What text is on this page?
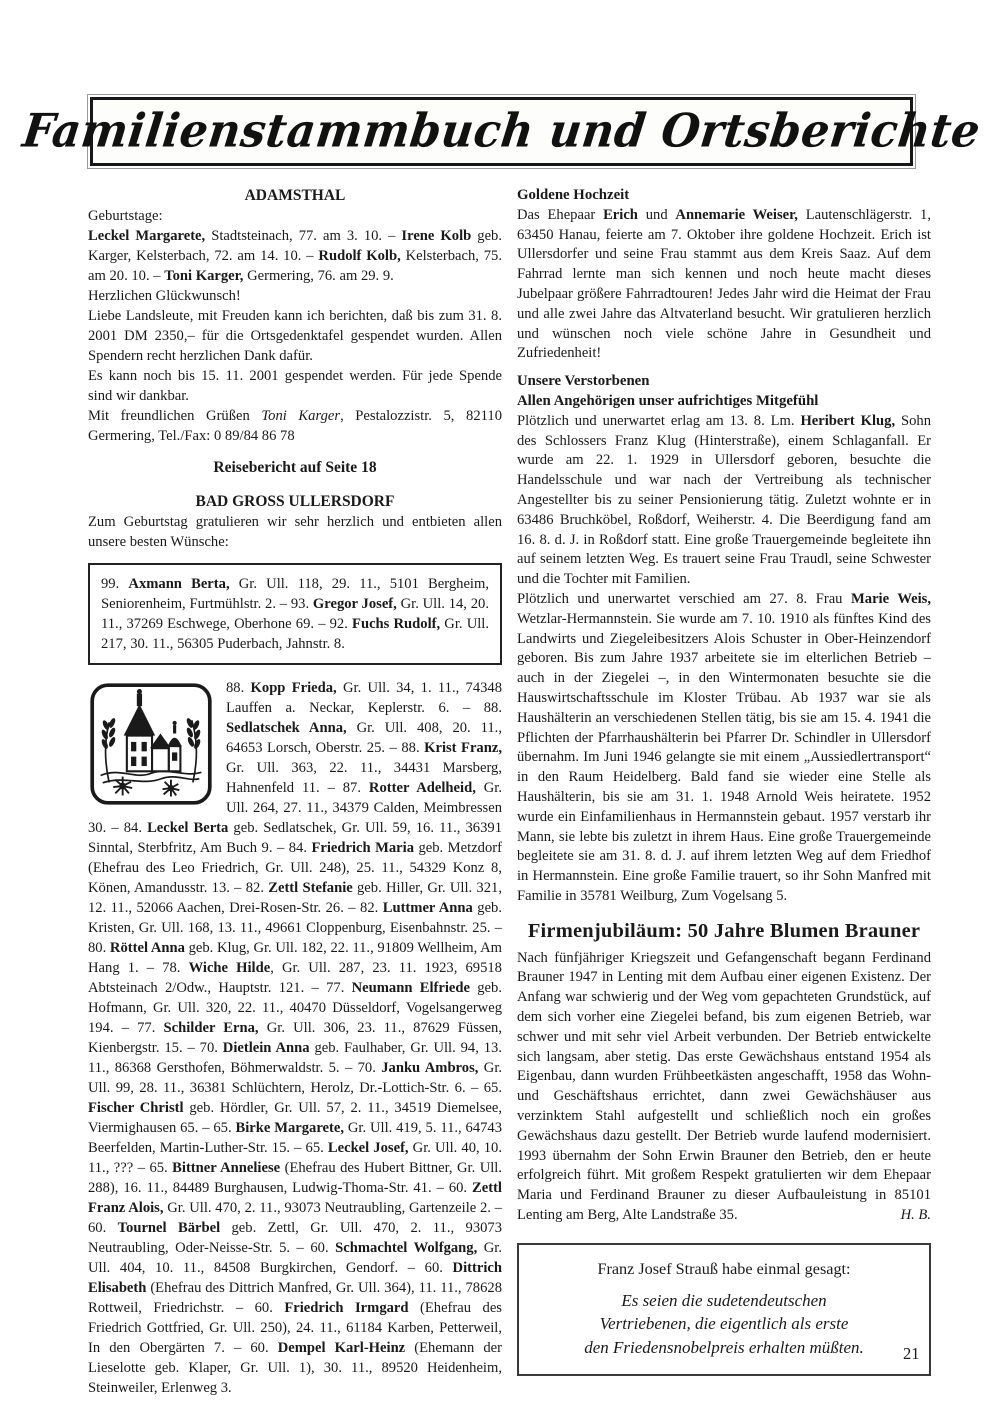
Familienstammbuch und Ortsberichte
ADAMSTHAL

Geburtstage:

Leckel Margarete, Stadtsteinach, 77. am 3. 10. – Irene Kolb geb. Karger, Kelsterbach, 72. am 14. 10. – Rudolf Kolb, Kelsterbach, 75. am 20. 10. – Toni Karger, Germering, 76. am 29. 9.

Herzlichen Glückwunsch!

Liebe Landsleute, mit Freuden kann ich berichten, daß bis zum 31. 8. 2001 DM 2350,– für die Ortsgedenktafel gespendet wurden. Allen Spendern recht herzlichen Dank dafür.

Es kann noch bis 15. 11. 2001 gespendet werden. Für jede Spende sind wir dankbar.

Mit freundlichen Grüßen Toni Karger, Pestalozzistr. 5, 82110 Germering, Tel./Fax: 0 89/84 86 78

Reisebericht auf Seite 18

BAD GROSS ULLERSDORF

Zum Geburtstag gratulieren wir sehr herzlich und entbieten allen unsere besten Wünsche:

99. Axmann Berta, Gr. Ull. 118, 29. 11., 5101 Bergheim, Seniorenheim, Furtmühlstr. 2. – 93. Gregor Josef, Gr. Ull. 14, 20. 11., 37269 Eschwege, Oberhone 69. – 92. Fuchs Rudolf, Gr. Ull. 217, 30. 11., 56305 Puderbach, Jahnstr. 8.

88. Kopp Frieda, Gr. Ull. 34, 1. 11., 74348 Lauffen a. Neckar, Keplerstr. 6. – 88. Sedlatschek Anna, Gr. Ull. 408, 20. 11., 64653 Lorsch, Oberstr. 25. – 88. Krist Franz, Gr. Ull. 363, 22. 11., 34431 Marsberg, Hahnenfeld 11. – 87. Rotter Adelheid, Gr. Ull. 264, 27. 11., 34379 Calden, Meimbressen 30. – 84. Leckel Berta geb. Sedlatschek, Gr. Ull. 59, 16. 11., 36391 Sinntal, Sterbfritz, Am Buch 9. – 84. Friedrich Maria geb. Metzdorf (Ehefrau des Leo Friedrich, Gr. Ull. 248), 25. 11., 54329 Konz 8, Könen, Amandusstr. 13. – 82. Zettl Stefanie geb. Hiller, Gr. Ull. 321, 12. 11., 52066 Aachen, Drei-Rosen-Str. 26. – 82. Luttmer Anna geb. Kristen, Gr. Ull. 168, 13. 11., 49661 Cloppenburg, Eisenbahnstr. 25. – 80. Röttel Anna geb. Klug, Gr. Ull. 182, 22. 11., 91809 Wellheim, Am Hang 1. – 78. Wiche Hilde, Gr. Ull. 287, 23. 11. 1923, 69518 Abtsteinach 2/Odw., Hauptstr. 121. – 77. Neumann Elfriede geb. Hofmann, Gr. Ull. 320, 22. 11., 40470 Düsseldorf, Vogelsangerweg 194. – 77. Schilder Erna, Gr. Ull. 306, 23. 11., 87629 Füssen, Kienbergstr. 15. – 70. Dietlein Anna geb. Faulhaber, Gr. Ull. 94, 13. 11., 86368 Gersthofen, Böhmerwaldstr. 5. – 70. Janku Ambros, Gr. Ull. 99, 28. 11., 36381 Schlüchtern, Herolz, Dr.-Lottich-Str. 6. – 65. Fischer Christl geb. Hördler, Gr. Ull. 57, 2. 11., 34519 Diemelsee, Viermighausen 65. – 65. Birke Margarete, Gr. Ull. 419, 5. 11., 64743 Beerfelden, Martin-Luther-Str. 15. – 65. Leckel Josef, Gr. Ull. 40, 10. 11., ??? – 65. Bittner Anneliese (Ehefrau des Hubert Bittner, Gr. Ull. 288), 16. 11., 84489 Burghausen, Ludwig-Thoma-Str. 41. – 60. Zettl Franz Alois, Gr. Ull. 470, 2. 11., 93073 Neutraubling, Gartenzeile 2. – 60. Tournel Bärbel geb. Zettl, Gr. Ull. 470, 2. 11., 93073 Neutraubling, Oder-Neisse-Str. 5. – 60. Schmachtel Wolfgang, Gr. Ull. 404, 10. 11., 84508 Burgkirchen, Gendorf. – 60. Dittrich Elisabeth (Ehefrau des Dittrich Manfred, Gr. Ull. 364), 11. 11., 78628 Rottweil, Friedrichstr. – 60. Friedrich Irmgard (Ehefrau des Friedrich Gottfried, Gr. Ull. 250), 24. 11., 61184 Karben, Petterweil, In den Obergärten 7. – 60. Dempel Karl-Heinz (Ehemann der Lieselotte geb. Klaper, Gr. Ull. 1), 30. 11., 89520 Heidenheim, Steinweiler, Erlenweg 3.
Goldene Hochzeit

Das Ehepaar Erich und Annemarie Weiser, Lautenschlägerstr. 1, 63450 Hanau, feierte am 7. Oktober ihre goldene Hochzeit. Erich ist Ullersdorfer und seine Frau stammt aus dem Kreis Saaz. Auf dem Fahrrad lernte man sich kennen und noch heute macht dieses Jubelpaar größere Fahrradtouren! Jedes Jahr wird die Heimat der Frau und alle zwei Jahre das Altvaterland besucht. Wir gratulieren herzlich und wünschen noch viele schöne Jahre in Gesundheit und Zufriedenheit!

Unsere Verstorbenen
Allen Angehörigen unser aufrichtiges Mitgefühl

Plötzlich und unerwartet erlag am 13. 8. Lm. Heribert Klug, Sohn des Schlossers Franz Klug (Hinterstraße), einem Schlaganfall. Er wurde am 22. 1. 1929 in Ullersdorf geboren, besuchte die Handelsschule und war nach der Vertreibung als technischer Angestellter bis zu seiner Pensionierung tätig. Zuletzt wohnte er in 63486 Bruchköbel, Roßdorf, Weiherstr. 4. Die Beerdigung fand am 16. 8. d. J. in Roßdorf statt. Eine große Trauergemeinde begleitete ihn auf seinem letzten Weg. Es trauert seine Frau Traudl, seine Schwester und die Tochter mit Familien.

Plötzlich und unerwartet verschied am 27. 8. Frau Marie Weis, Wetzlar-Hermannstein. Sie wurde am 7. 10. 1910 als fünftes Kind des Landwirts und Ziegeleibesitzers Alois Schuster in Ober-Heinzendorf geboren. Bis zum Jahre 1937 arbeitete sie im elterlichen Betrieb – auch in der Ziegelei –, in den Wintermonaten besuchte sie die Hauswirtschaftsschule im Kloster Trübau. Ab 1937 war sie als Haushälterin an verschiedenen Stellen tätig, bis sie am 15. 4. 1941 die Pflichten der Pfarrhaushälterin bei Pfarrer Dr. Schindler in Ullersdorf übernahm. Im Juni 1946 gelangte sie mit einem „Aussiedlertransport“ in den Raum Heidelberg. Bald fand sie wieder eine Stelle als Haushälterin, bis sie am 31. 1. 1948 Arnold Weis heiratete. 1952 wurde ein Einfamilienhaus in Hermannstein gebaut. 1957 verstarb ihr Mann, sie lebte bis zuletzt in ihrem Haus. Eine große Trauergemeinde begleitete sie am 31. 8. d. J. auf ihrem letzten Weg auf dem Friedhof in Hermannstein. Eine große Familie trauert, so ihr Sohn Manfred mit Familie in 35781 Weilburg, Zum Vogelsang 5.

Firmenjubiläum: 50 Jahre Blumen Brauner

Nach fünfjähriger Kriegszeit und Gefangenschaft begann Ferdinand Brauner 1947 in Lenting mit dem Aufbau einer eigenen Existenz. Der Anfang war schwierig und der Weg vom gepachteten Grundstück, auf dem sich vorher eine Ziegelei befand, bis zum eigenen Betrieb, war schwer und mit sehr viel Arbeit verbunden. Der Betrieb entwickelte sich langsam, aber stetig. Das erste Gewächshaus entstand 1954 als Eigenbau, dann wurden Frühbeetkästen angeschafft, 1958 das Wohn- und Geschäftshaus errichtet, dann zwei Gewächshäuser aus verzinktem Stahl aufgestellt und schließlich noch ein großes Gewächshaus dazu gestellt. Der Betrieb wurde laufend modernisiert. 1993 übernahm der Sohn Erwin Brauner den Betrieb, den er heute erfolgreich führt. Mit großem Respekt gratulierten wir dem Ehepaar Maria und Ferdinand Brauner zu dieser Aufbauleistung in 85101 Lenting am Berg, Alte Landstraße 35.	H. B.

Franz Josef Strauß habe einmal gesagt:

Es seien die sudetendeutschen

Vertriebenen, die eigentlich als erste

den Friedensnobelpreis erhalten müßten.	21
